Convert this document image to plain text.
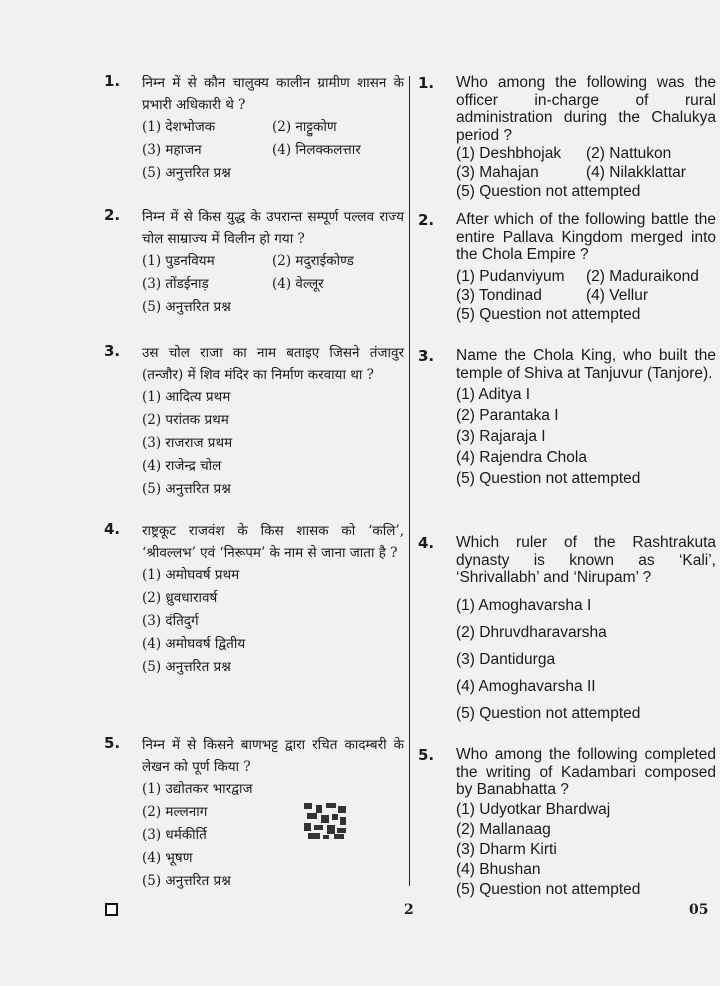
1. निम्न में से कौन चालुक्य कालीन ग्रामीण शासन के प्रभारी अधिकारी थे ?
(1) देशभोजक	(2) नाट्टुकोण
(3) महाजन	(4) निलक्कलत्तार
(5) अनुत्तरित प्रश्न
2. निम्न में से किस युद्ध के उपरान्त सम्पूर्ण पल्लव राज्य चोल साम्राज्य में विलीन हो गया ?
(1) पुडनवियम	(2) मदुराईकोण्ड
(3) तोंडईनाड़	(4) वेल्लूर
(5) अनुत्तरित प्रश्न
3. उस चोल राजा का नाम बताइए जिसने तंजावुर (तन्जौर) में शिव मंदिर का निर्माण करवाया था ?
(1) आदित्य प्रथम
(2) परांतक प्रथम
(3) राजराज प्रथम
(4) राजेन्द्र चोल
(5) अनुत्तरित प्रश्न
4. राष्ट्रकूट राजवंश के किस शासक को ‘कलि’, ‘श्रीवल्लभ’ एवं ‘निरूपम’ के नाम से जाना जाता है ?
(1) अमोघवर्ष प्रथम
(2) ध्रुवधारावर्ष
(3) दंतिदुर्ग
(4) अमोघवर्ष द्वितीय
(5) अनुत्तरित प्रश्न
5. निम्न में से किसने बाणभट्ट द्वारा रचित कादम्बरी के लेखन को पूर्ण किया ?
(1) उद्योतकर भारद्वाज
(2) मल्लनाग
(3) धर्मकीर्ति
(4) भूषण
(5) अनुत्तरित प्रश्न
1. Who among the following was the officer in-charge of rural administration during the Chalukya period ?
(1) Deshbhojak	(2) Nattukon
(3) Mahajan	(4) Nilakklattar
(5) Question not attempted
2. After which of the following battle the entire Pallava Kingdom merged into the Chola Empire ?
(1) Pudanviyum	(2) Maduraikond
(3) Tondinad	(4) Vellur
(5) Question not attempted
3. Name the Chola King, who built the temple of Shiva at Tanjuvur (Tanjore).
(1) Aditya I
(2) Parantaka I
(3) Rajaraja I
(4) Rajendra Chola
(5) Question not attempted
4. Which ruler of the Rashtrakuta dynasty is known as ‘Kali’, ‘Shrivallabh’ and ‘Nirupam’ ?
(1) Amoghavarsha I
(2) Dhruvdharavarsha
(3) Dantidurga
(4) Amoghavarsha II
(5) Question not attempted
5. Who among the following completed the writing of Kadambari composed by Banabhatta ?
(1) Udyotkar Bhardwaj
(2) Mallanaag
(3) Dharm Kirti
(4) Bhushan
(5) Question not attempted
2	05
